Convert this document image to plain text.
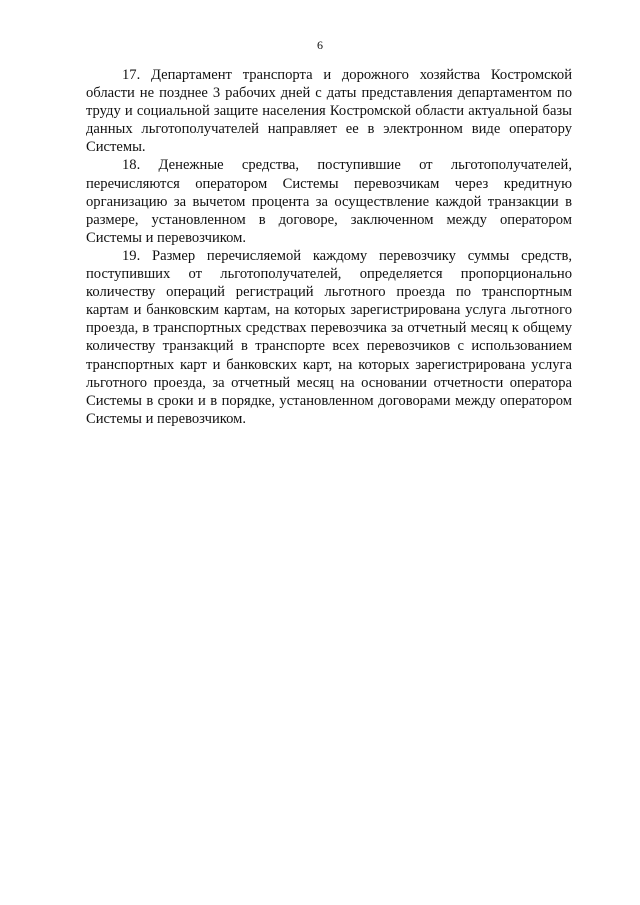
6

17. Департамент транспорта и дорожного хозяйства Костромской области не позднее 3 рабочих дней с даты представления департаментом по труду и социальной защите населения Костромской области актуальной базы данных льготополучателей направляет ее в электронном виде оператору Системы.

18. Денежные средства, поступившие от льготополучателей, перечисляются оператором Системы перевозчикам через кредитную организацию за вычетом процента за осуществление каждой транзакции в размере, установленном в договоре, заключенном между оператором Системы и перевозчиком.

19. Размер перечисляемой каждому перевозчику суммы средств, поступивших от льготополучателей, определяется пропорционально количеству операций регистраций льготного проезда по транспортным картам и банковским картам, на которых зарегистрирована услуга льготного проезда, в транспортных средствах перевозчика за отчетный месяц к общему количеству транзакций в транспорте всех перевозчиков с использованием транспортных карт и банковских карт, на которых зарегистрирована услуга льготного проезда, за отчетный месяц на основании отчетности оператора Системы в сроки и в порядке, установленном договорами между оператором Системы и перевозчиком.
